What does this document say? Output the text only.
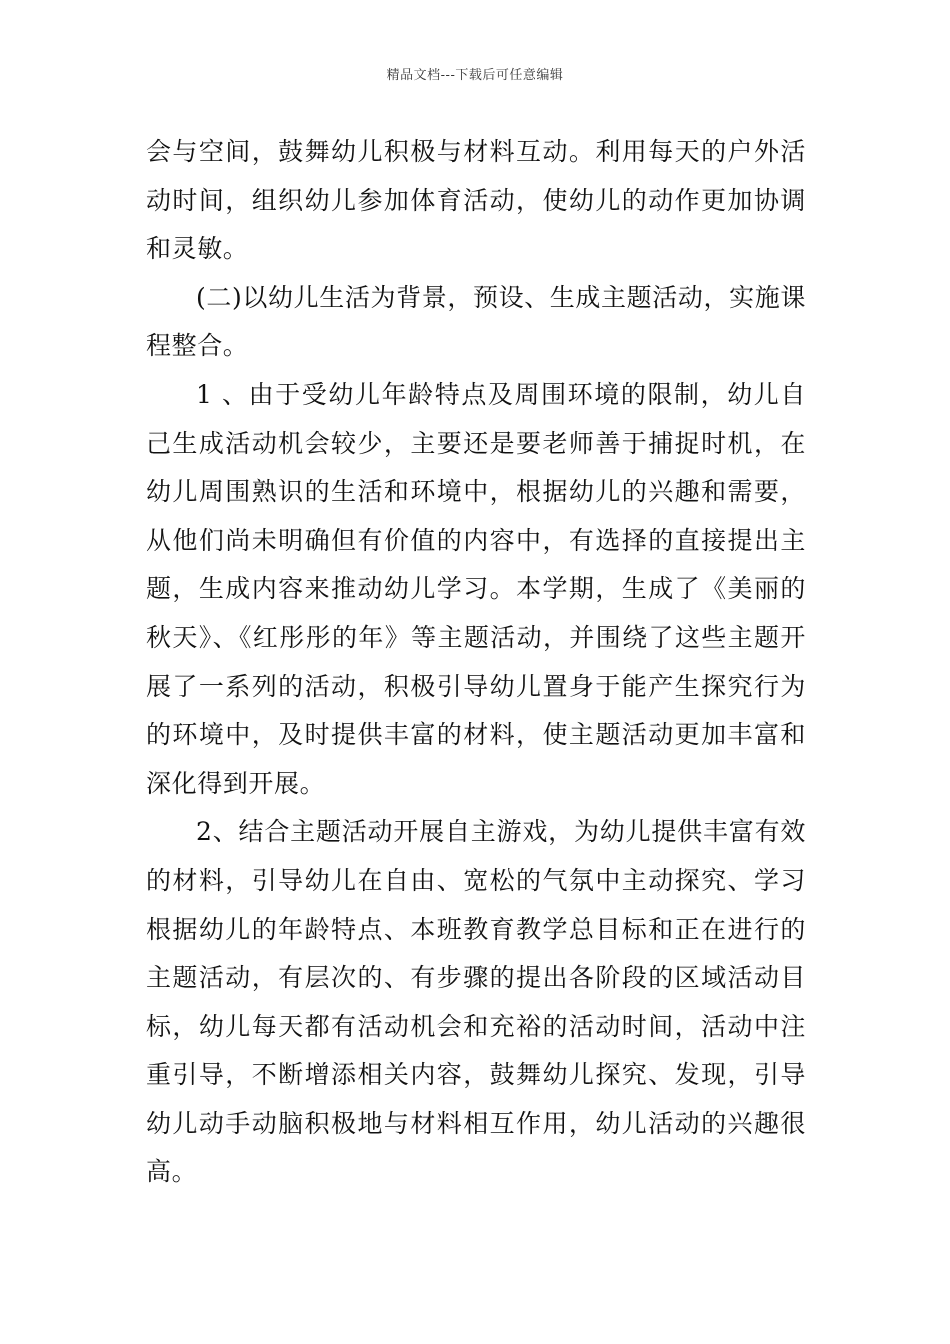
精品文档---下载后可任意编辑

会与空间，鼓舞幼儿积极与材料互动。利用每天的户外活动时间，组织幼儿参加体育活动，使幼儿的动作更加协调和灵敏。

(二)以幼儿生活为背景，预设、生成主题活动，实施课程整合。

1 、由于受幼儿年龄特点及周围环境的限制，幼儿自己生成活动机会较少，主要还是要老师善于捕捉时机，在幼儿周围熟识的生活和环境中，根据幼儿的兴趣和需要，从他们尚未明确但有价值的内容中，有选择的直接提出主题，生成内容来推动幼儿学习。本学期，生成了《美丽的秋天》、《红彤彤的年》等主题活动，并围绕了这些主题开展了一系列的活动，积极引导幼儿置身于能产生探究行为的环境中，及时提供丰富的材料，使主题活动更加丰富和深化得到开展。

2、结合主题活动开展自主游戏，为幼儿提供丰富有效的材料，引导幼儿在自由、宽松的气氛中主动探究、学习根据幼儿的年龄特点、本班教育教学总目标和正在进行的主题活动，有层次的、有步骤的提出各阶段的区域活动目标，幼儿每天都有活动机会和充裕的活动时间，活动中注重引导，不断增添相关内容，鼓舞幼儿探究、发现，引导幼儿动手动脑积极地与材料相互作用，幼儿活动的兴趣很高。
